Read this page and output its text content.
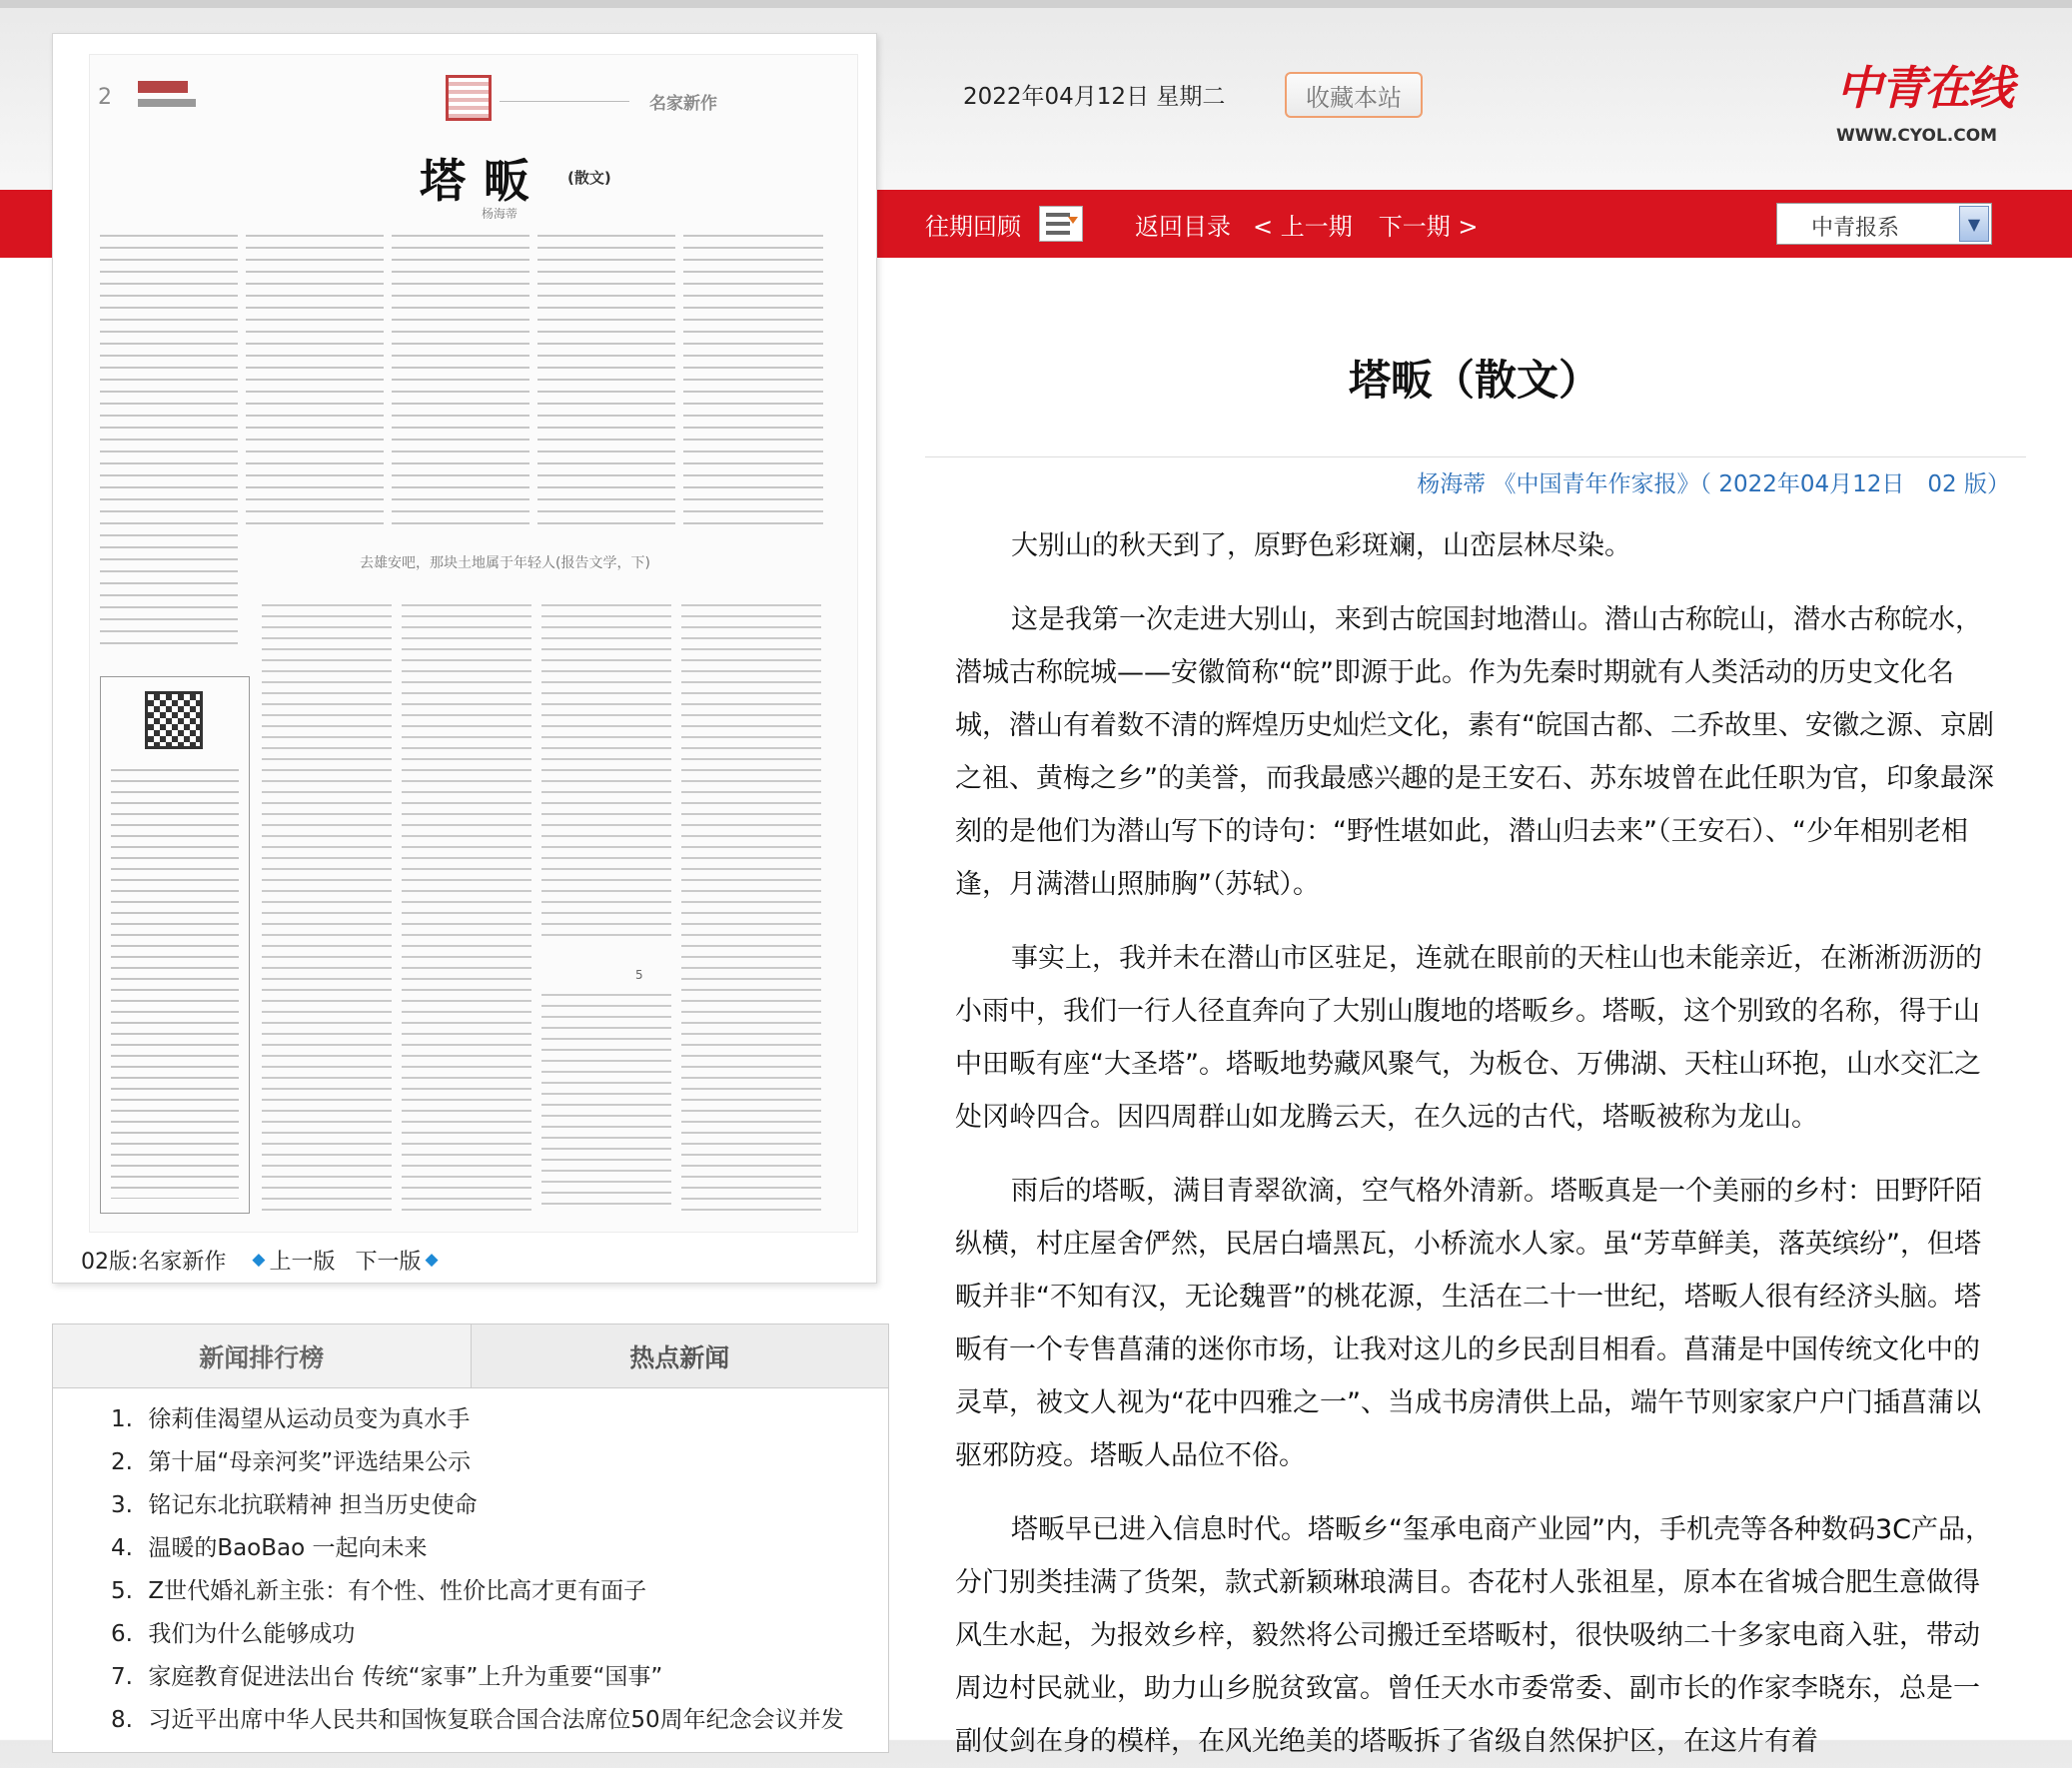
2	名家新作
塔畈 (散文)
杨海蒂
去雄安吧，那块土地属于年轻人(报告文学，下)
5
02版:名家新作 ◆ 上一版 下一版 ◆
新闻排行榜	热点新闻
1. 徐莉佳渴望从运动员变为真水手
2. 第十届“母亲河奖”评选结果公示
3. 铭记东北抗联精神 担当历史使命
4. 温暖的BaoBao 一起向未来
5. Z世代婚礼新主张：有个性、性价比高才更有面子
6. 我们为什么能够成功
7. 家庭教育促进法出台 传统“家事”上升为重要“国事”
8. 习近平出席中华人民共和国恢复联合国合法席位50周年纪念会议并发
2022年04月12日 星期二	收藏本站	中青在线
WWW.CYOL.COM
往期回顾	返回目录 < 上一期 下一期 >	中青报系	▼
塔畈（散文）
杨海蒂 《中国青年作家报》（ 2022年04月12日　02 版）

大别山的秋天到了，原野色彩斑斓，山峦层林尽染。

这是我第一次走进大别山，来到古皖国封地潜山。潜山古称皖山，潜水古称皖水，潜城古称皖城——安徽简称“皖”即源于此。作为先秦时期就有人类活动的历史文化名城，潜山有着数不清的辉煌历史灿烂文化，素有“皖国古都、二乔故里、安徽之源、京剧之祖、黄梅之乡”的美誉，而我最感兴趣的是王安石、苏东坡曾在此任职为官，印象最深刻的是他们为潜山写下的诗句：“野性堪如此，潜山归去来”（王安石）、“少年相别老相逢，月满潜山照肺胸”（苏轼）。

事实上，我并未在潜山市区驻足，连就在眼前的天柱山也未能亲近，在淅淅沥沥的小雨中，我们一行人径直奔向了大别山腹地的塔畈乡。塔畈，这个别致的名称，得于山中田畈有座“大圣塔”。塔畈地势藏风聚气，为板仓、万佛湖、天柱山环抱，山水交汇之处冈岭四合。因四周群山如龙腾云天，在久远的古代，塔畈被称为龙山。

雨后的塔畈，满目青翠欲滴，空气格外清新。塔畈真是一个美丽的乡村：田野阡陌纵横，村庄屋舍俨然，民居白墙黑瓦，小桥流水人家。虽“芳草鲜美，落英缤纷”，但塔畈并非“不知有汉，无论魏晋”的桃花源，生活在二十一世纪，塔畈人很有经济头脑。塔畈有一个专售菖蒲的迷你市场，让我对这儿的乡民刮目相看。菖蒲是中国传统文化中的灵草，被文人视为“花中四雅之一”、当成书房清供上品，端午节则家家户户门插菖蒲以驱邪防疫。塔畈人品位不俗。

塔畈早已进入信息时代。塔畈乡“玺承电商产业园”内，手机壳等各种数码3C产品，分门别类挂满了货架，款式新颖琳琅满目。杏花村人张祖星，原本在省城合肥生意做得风生水起，为报效乡梓，毅然将公司搬迁至塔畈村，很快吸纳二十多家电商入驻，带动周边村民就业，助力山乡脱贫致富。曾任天水市委常委、副市长的作家李晓东，总是一副仗剑在身的模样，在风光绝美的塔畈拆了省级自然保护区，在这片有着
